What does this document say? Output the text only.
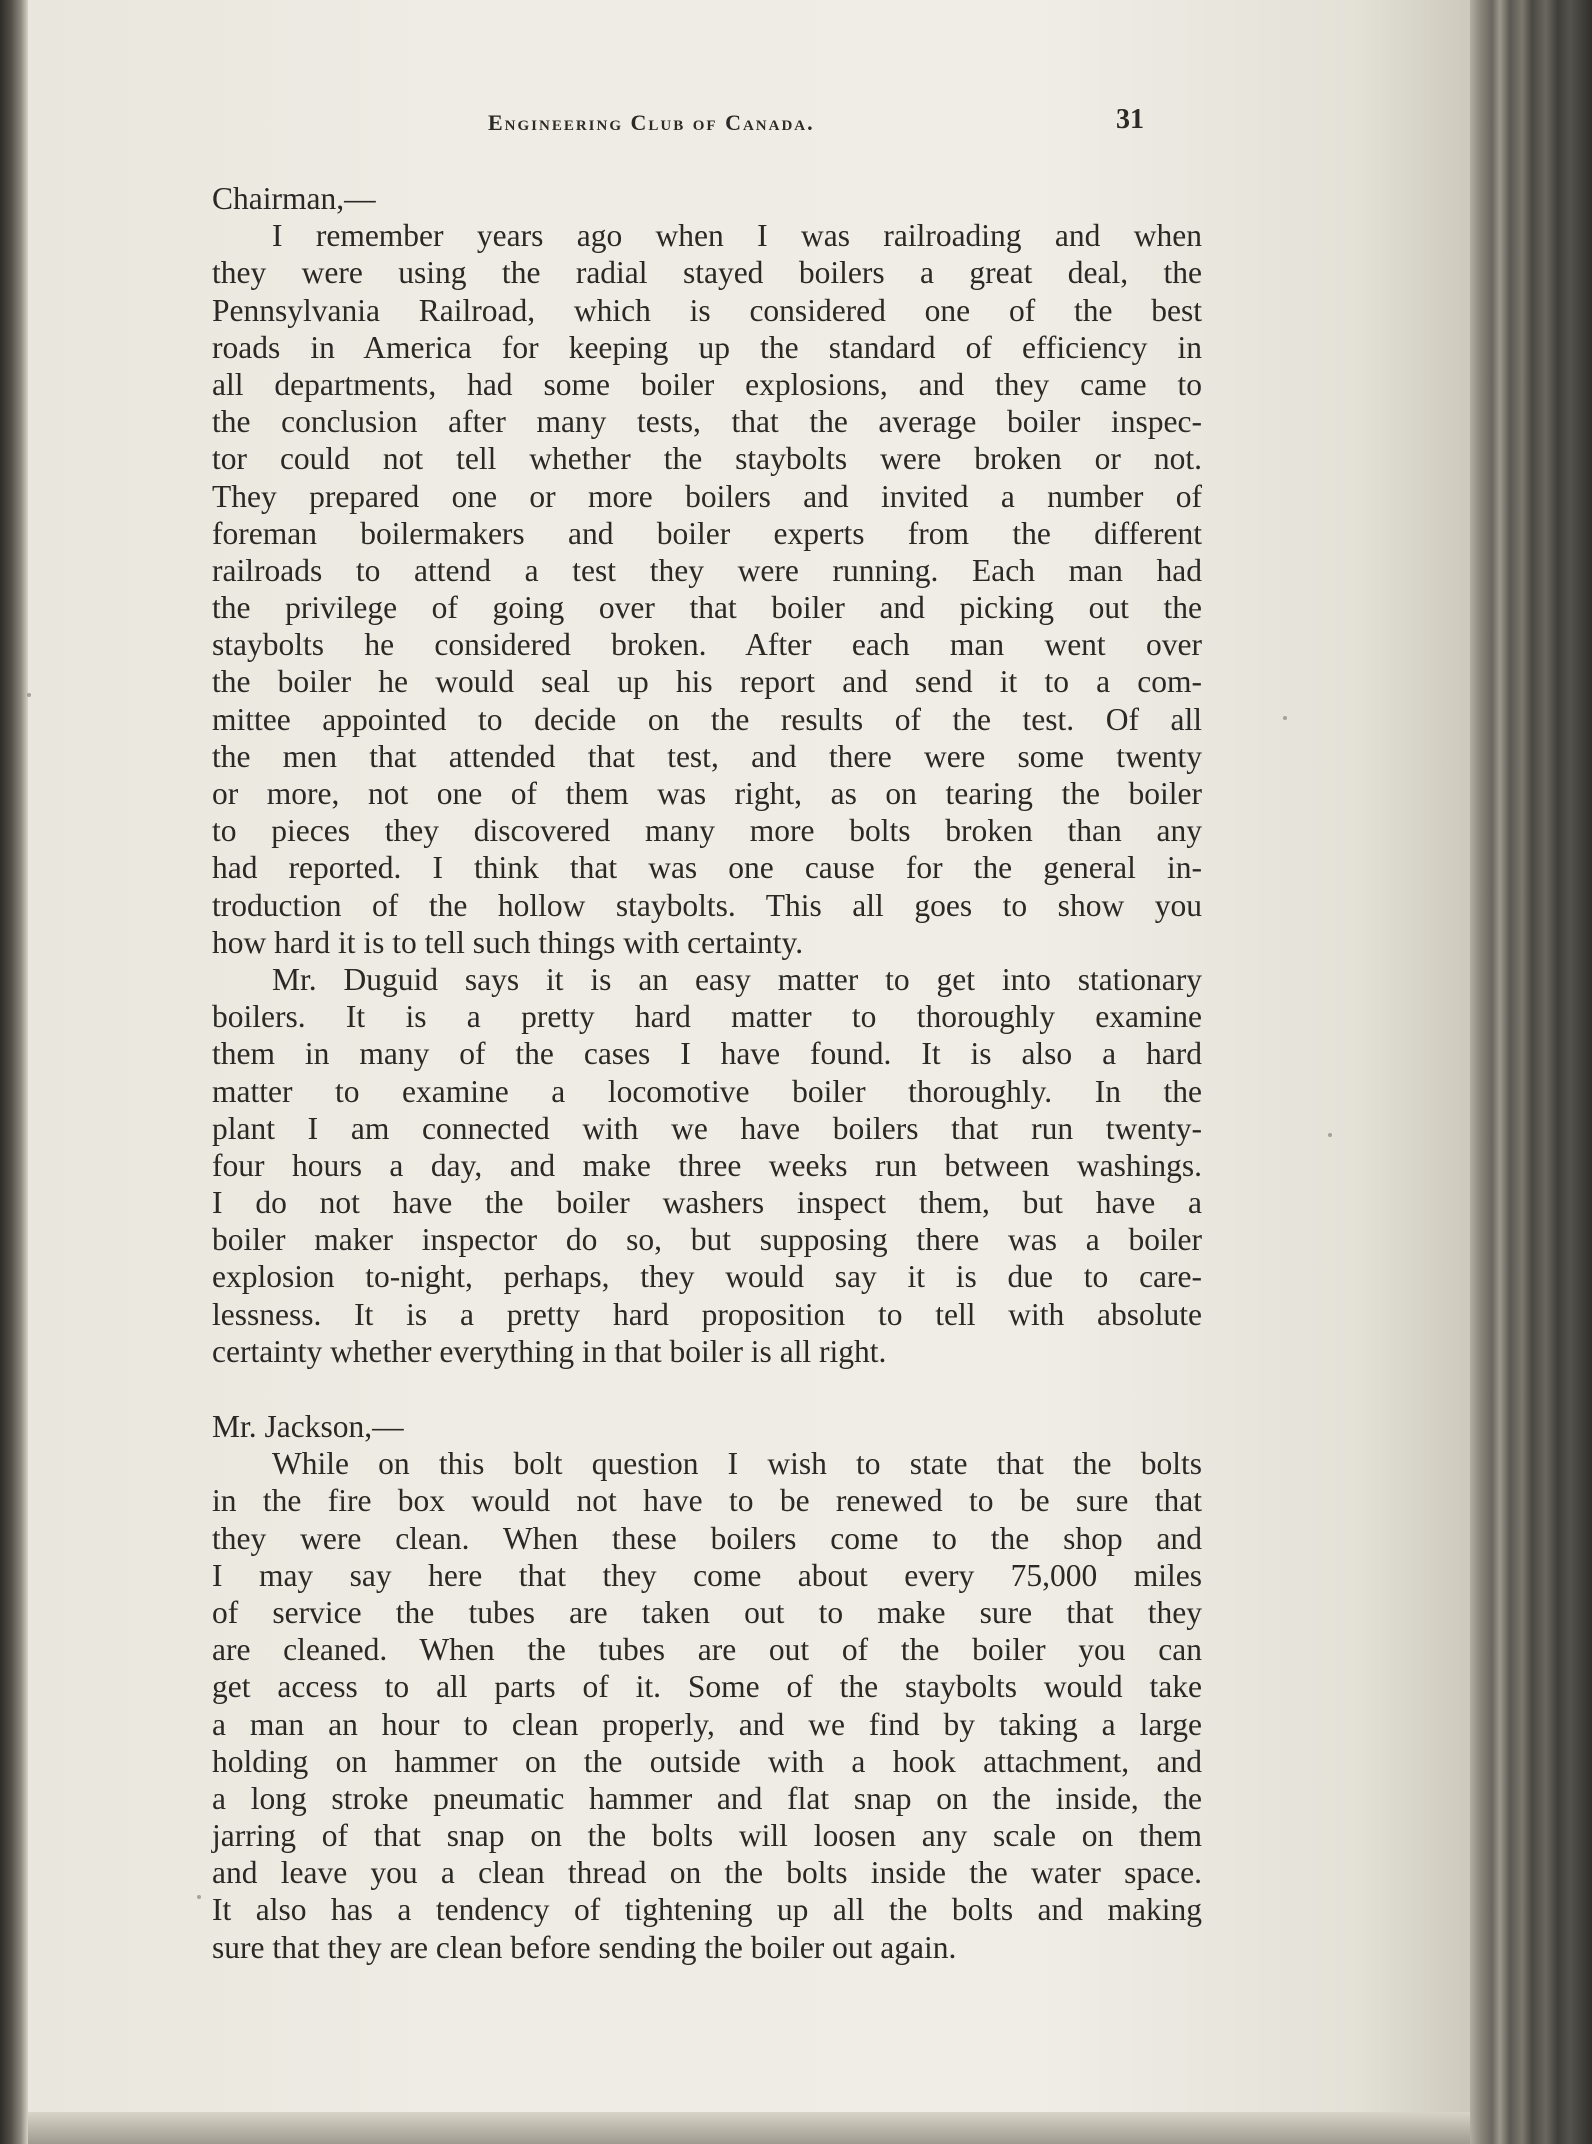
Engineering Club of Canada.	31

Chairman,—

I remember years ago when I was railroading and when
they were using the radial stayed boilers a great deal, the
Pennsylvania Railroad, which is considered one of the best
roads in America for keeping up the standard of efficiency in
all departments, had some boiler explosions, and they came to
the conclusion after many tests, that the average boiler inspec-
tor could not tell whether the staybolts were broken or not.
They prepared one or more boilers and invited a number of
foreman boilermakers and boiler experts from the different
railroads to attend a test they were running. Each man had
the privilege of going over that boiler and picking out the
staybolts he considered broken. After each man went over
the boiler he would seal up his report and send it to a com-
mittee appointed to decide on the results of the test. Of all
the men that attended that test, and there were some twenty
or more, not one of them was right, as on tearing the boiler
to pieces they discovered many more bolts broken than any
had reported. I think that was one cause for the general in-
troduction of the hollow staybolts. This all goes to show you
how hard it is to tell such things with certainty.
Mr. Duguid says it is an easy matter to get into stationary
boilers. It is a pretty hard matter to thoroughly examine
them in many of the cases I have found. It is also a hard
matter to examine a locomotive boiler thoroughly. In the
plant I am connected with we have boilers that run twenty-
four hours a day, and make three weeks run between washings.
I do not have the boiler washers inspect them, but have a
boiler maker inspector do so, but supposing there was a boiler
explosion to-night, perhaps, they would say it is due to care-
lessness. It is a pretty hard proposition to tell with absolute
certainty whether everything in that boiler is all right.

Mr. Jackson,—

While on this bolt question I wish to state that the bolts
in the fire box would not have to be renewed to be sure that
they were clean. When these boilers come to the shop and
I may say here that they come about every 75,000 miles
of service the tubes are taken out to make sure that they
are cleaned. When the tubes are out of the boiler you can
get access to all parts of it. Some of the staybolts would take
a man an hour to clean properly, and we find by taking a large
holding on hammer on the outside with a hook attachment, and
a long stroke pneumatic hammer and flat snap on the inside, the
jarring of that snap on the bolts will loosen any scale on them
and leave you a clean thread on the bolts inside the water space.
It also has a tendency of tightening up all the bolts and making
sure that they are clean before sending the boiler out again.
